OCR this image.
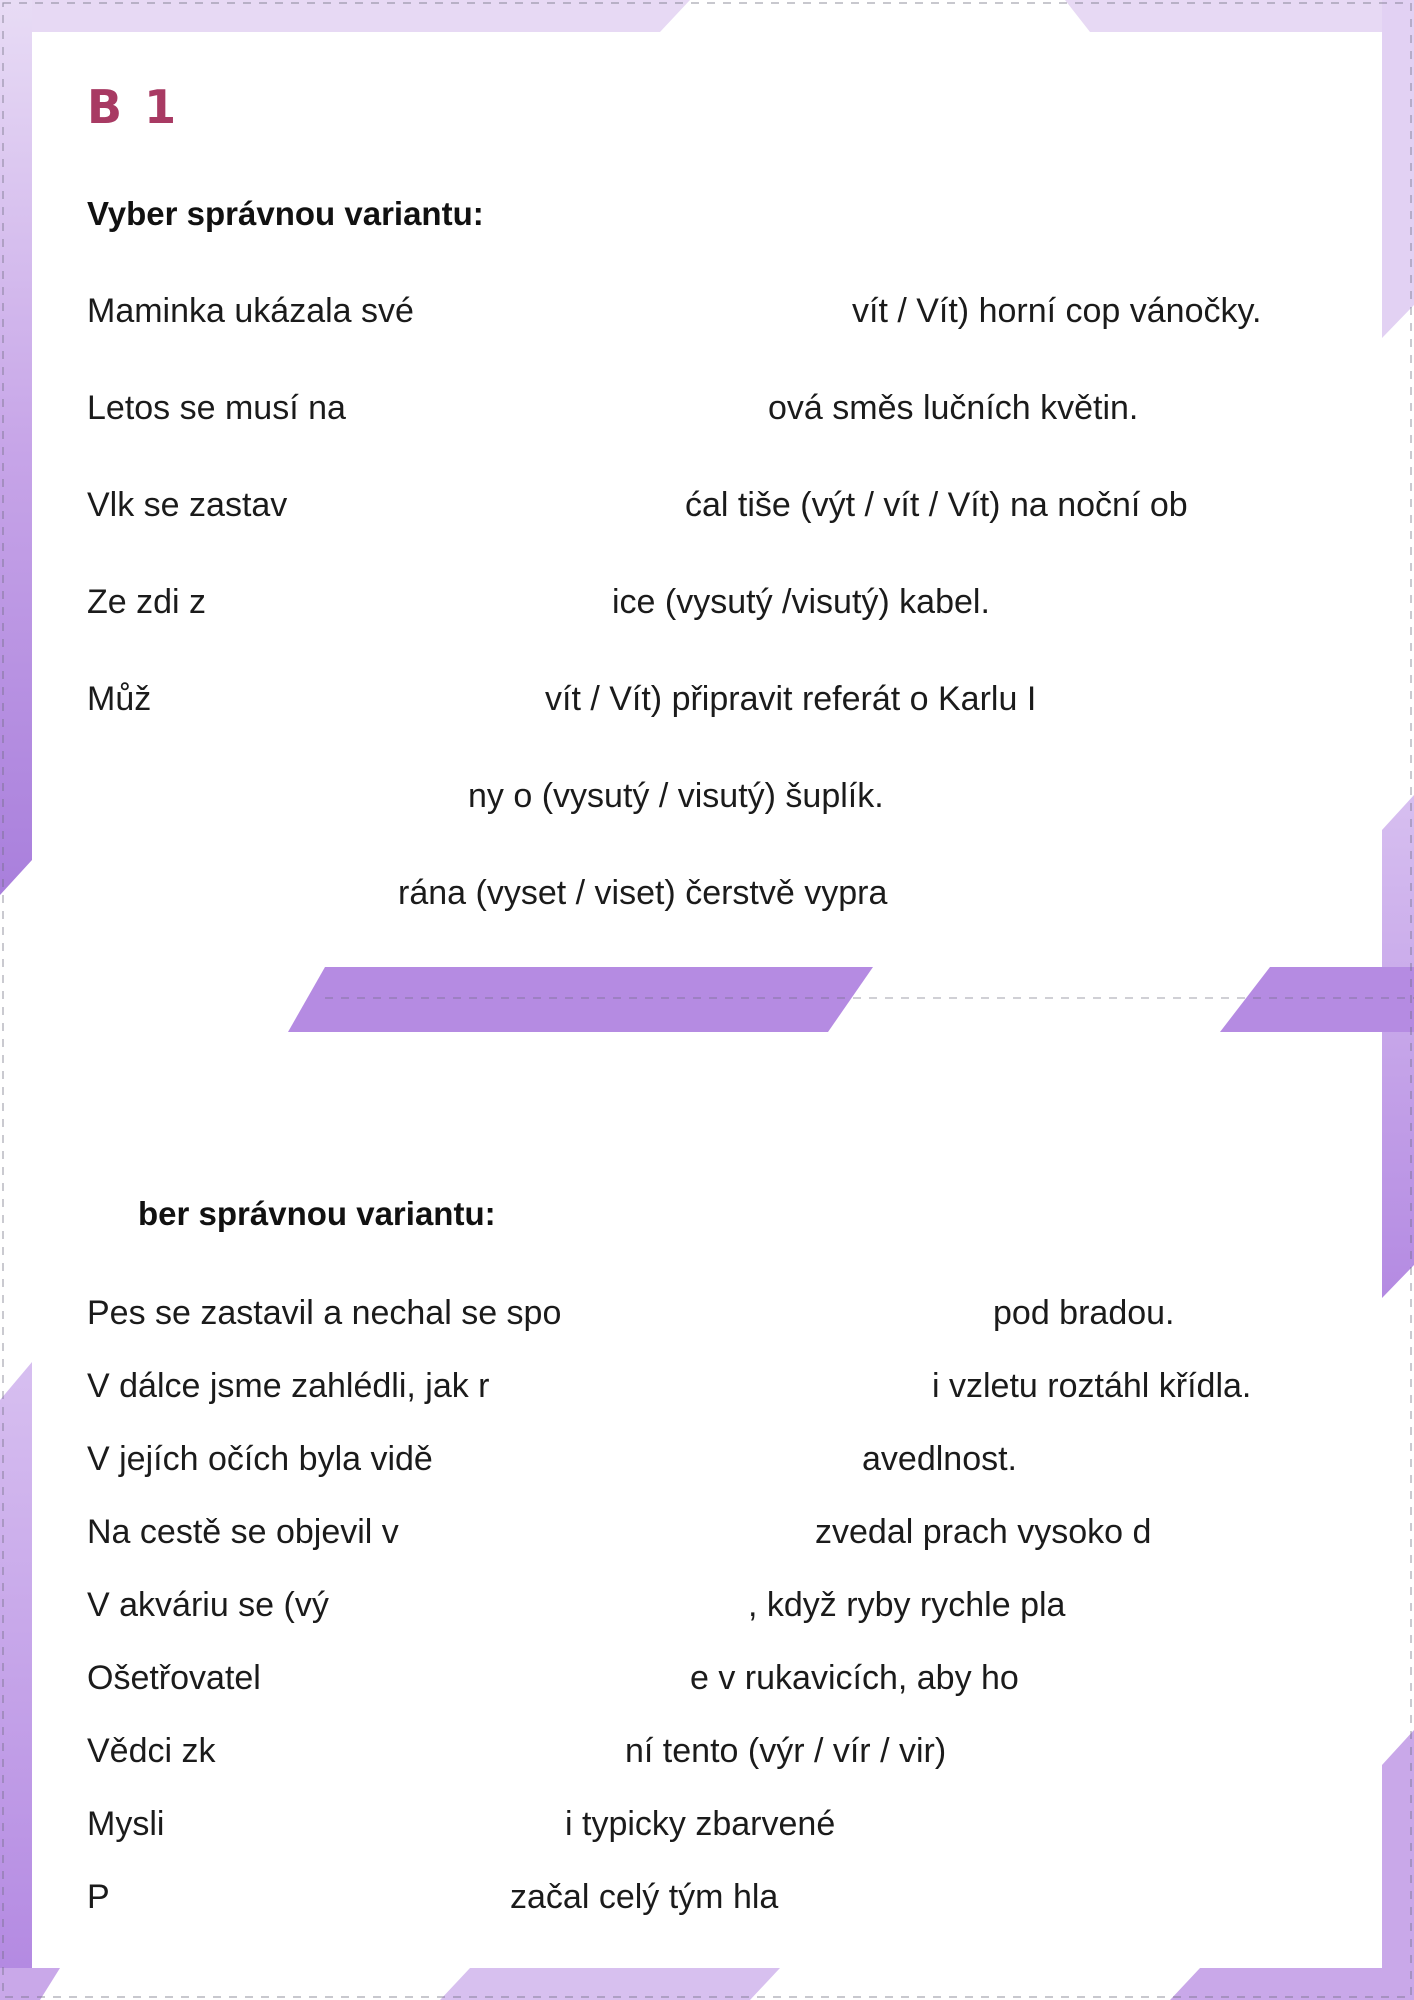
B 1

Vyber správnou variantu:

Maminka ukázala své	vít / Vít) horní cop vánočky.
Letos se musí na	ová směs lučních květin.
Vlk se zastav	ćal tiše (výt / vít / Vít) na noční ob
Ze zdi z	ice (vysutý /visutý) kabel.
Můž	vít / Vít) připravit referát o Karlu I
ny o (vysutý / visutý) šuplík.
rána (vyset / viset) čerstvě vypra

ber správnou variantu:

Pes se zastavil a nechal se spo	pod bradou.
V dálce jsme zahlédli, jak r	i vzletu roztáhl křídla.
V jejích očích byla vidě	avedlnost.
Na cestě se objevil v	zvedal prach vysoko d
V akváriu se (vý	, když ryby rychle pla
Ošetřovatel	e v rukavicích, aby ho
Vědci zk	ní tento (výr / vír / vir)
Mysli	i typicky zbarvené
P	začal celý tým hla
